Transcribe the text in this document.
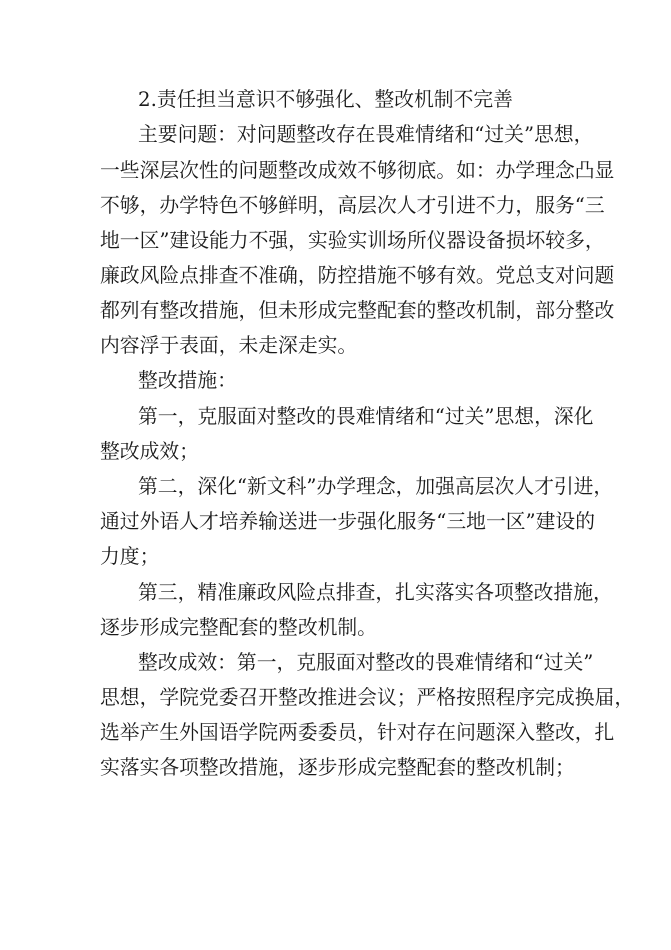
2.责任担当意识不够强化、整改机制不完善
主要问题：对问题整改存在畏难情绪和“过关”思想，
一些深层次性的问题整改成效不够彻底。如：办学理念凸显
不够，办学特色不够鲜明，高层次人才引进不力，服务“三
地一区”建设能力不强，实验实训场所仪器设备损坏较多，
廉政风险点排查不准确，防控措施不够有效。党总支对问题
都列有整改措施，但未形成完整配套的整改机制，部分整改
内容浮于表面，未走深走实。
整改措施：
第一，克服面对整改的畏难情绪和“过关”思想，深化
整改成效；
第二，深化“新文科”办学理念，加强高层次人才引进，
通过外语人才培养输送进一步强化服务“三地一区”建设的
力度；
第三，精准廉政风险点排查，扎实落实各项整改措施，
逐步形成完整配套的整改机制。
整改成效：第一，克服面对整改的畏难情绪和“过关”
思想，学院党委召开整改推进会议；严格按照程序完成换届，
选举产生外国语学院两委委员，针对存在问题深入整改，扎
实落实各项整改措施，逐步形成完整配套的整改机制；
